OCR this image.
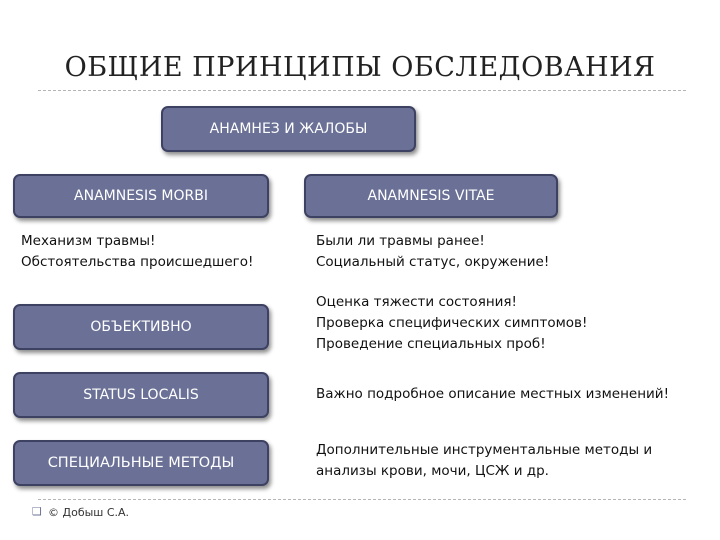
ОБЩИЕ ПРИНЦИПЫ ОБСЛЕДОВАНИЯ
АНАМНЕЗ И ЖАЛОБЫ
ANAMNESIS MORBI	ANAMNESIS VITAE
Механизм травмы!
Обстоятельства происшедшего!
Были ли травмы ранее!
Социальный статус, окружение!
ОБЪЕКТИВНО
Оценка тяжести состояния!
Проверка специфических симптомов!
Проведение специальных проб!
STATUS LOCALIS	Важно подробное описание местных изменений!
СПЕЦИАЛЬНЫЕ МЕТОДЫ
Дополнительные инструментальные методы и
анализы крови, мочи, ЦСЖ и др.
❑ © Добыш С.А.
